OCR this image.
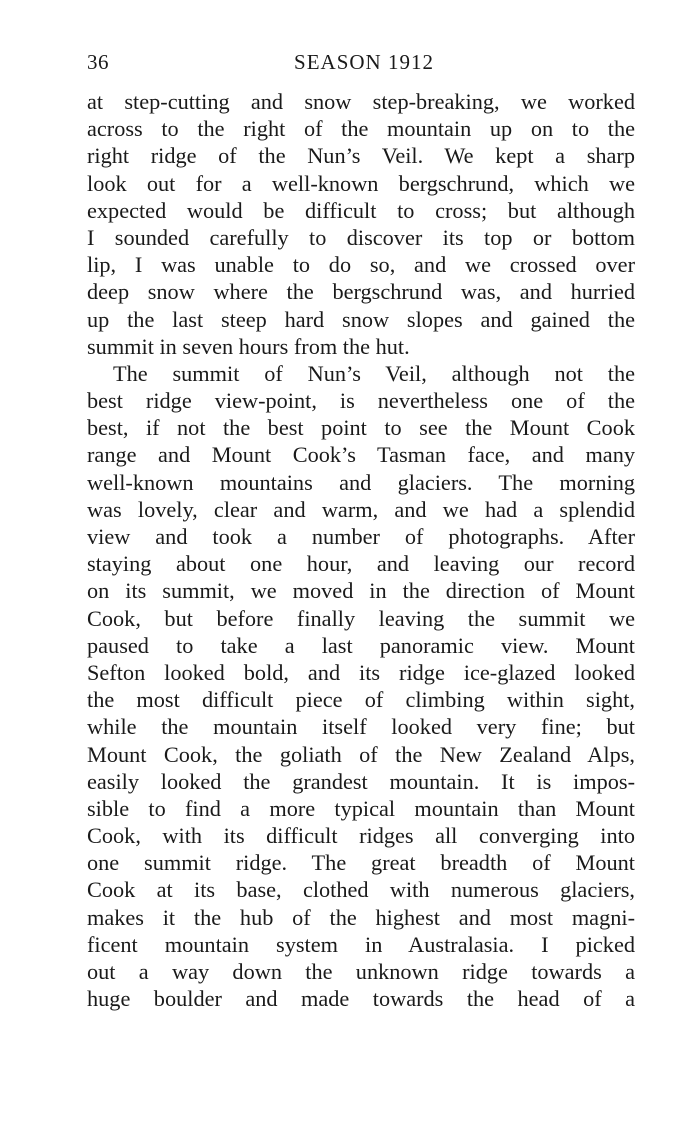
36	SEASON 1912
at step-cutting and snow step-breaking, we worked
across to the right of the mountain up on to the
right ridge of the Nun’s Veil. We kept a sharp
look out for a well-known bergschrund, which we
expected would be difficult to cross; but although
I sounded carefully to discover its top or bottom
lip, I was unable to do so, and we crossed over
deep snow where the bergschrund was, and hurried
up the last steep hard snow slopes and gained the
summit in seven hours from the hut.
The summit of Nun’s Veil, although not the
best ridge view-point, is nevertheless one of the
best, if not the best point to see the Mount Cook
range and Mount Cook’s Tasman face, and many
well-known mountains and glaciers. The morning
was lovely, clear and warm, and we had a splendid
view and took a number of photographs. After
staying about one hour, and leaving our record
on its summit, we moved in the direction of Mount
Cook, but before finally leaving the summit we
paused to take a last panoramic view. Mount
Sefton looked bold, and its ridge ice-glazed looked
the most difficult piece of climbing within sight,
while the mountain itself looked very fine; but
Mount Cook, the goliath of the New Zealand Alps,
easily looked the grandest mountain. It is impos-
sible to find a more typical mountain than Mount
Cook, with its difficult ridges all converging into
one summit ridge. The great breadth of Mount
Cook at its base, clothed with numerous glaciers,
makes it the hub of the highest and most magni-
ficent mountain system in Australasia. I picked
out a way down the unknown ridge towards a
huge boulder and made towards the head of a
